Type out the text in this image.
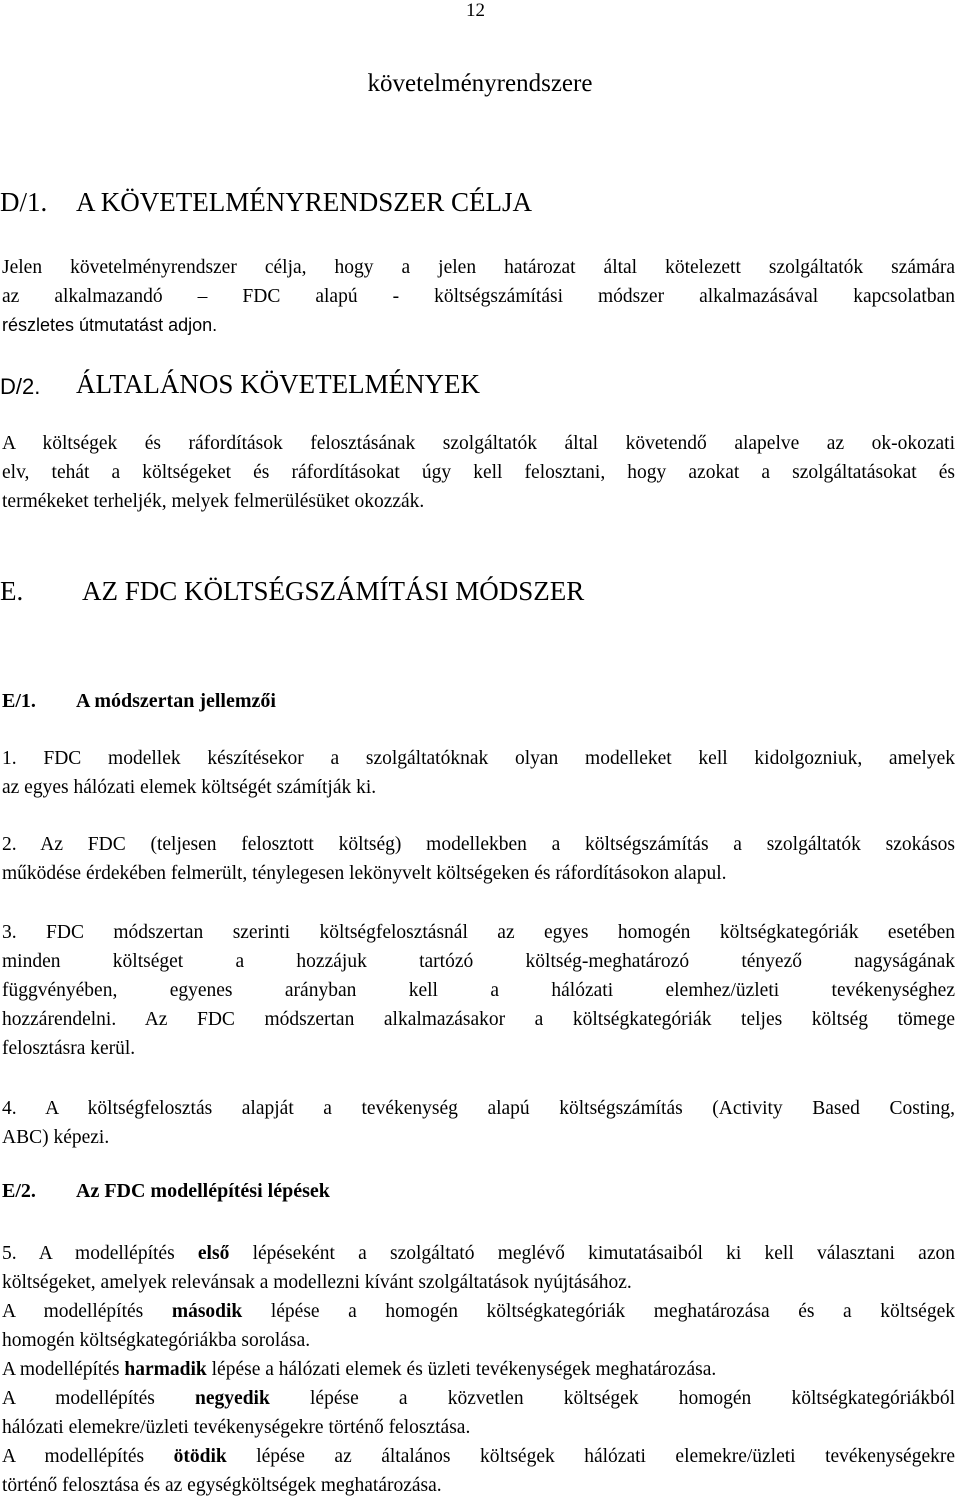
12
követelményrendszere
D/1. A KÖVETELMÉNYRENDSZER CÉLJA
Jelen követelményrendszer célja, hogy a jelen határozat által kötelezett szolgáltatók számára
az alkalmazandó – FDC alapú - költségszámítási módszer alkalmazásával kapcsolatban
részletes útmutatást adjon.
D/2. ÁLTALÁNOS KÖVETELMÉNYEK
A költségek és ráfordítások felosztásának szolgáltatók által követendő alapelve az ok-okozati
elv, tehát a költségeket és ráfordításokat úgy kell felosztani, hogy azokat a szolgáltatásokat és
termékeket terheljék, melyek felmerülésüket okozzák.
E. AZ FDC KÖLTSÉGSZÁMÍTÁSI MÓDSZER
E/1. A módszertan jellemzői
1. FDC modellek készítésekor a szolgáltatóknak olyan modelleket kell kidolgozniuk, amelyek
az egyes hálózati elemek költségét számítják ki.
2. Az FDC (teljesen felosztott költség) modellekben a költségszámítás a szolgáltatók szokásos
működése érdekében felmerült, ténylegesen lekönyvelt költségeken és ráfordításokon alapul.
3. FDC módszertan szerinti költségfelosztásnál az egyes homogén költségkategóriák esetében
minden költséget a hozzájuk tartózó költség-meghatározó tényező nagyságának
függvényében, egyenes arányban kell a hálózati elemhez/üzleti tevékenységhez
hozzárendelni. Az FDC módszertan alkalmazásakor a költségkategóriák teljes költség tömege
felosztásra kerül.
4. A költségfelosztás alapját a tevékenység alapú költségszámítás (Activity Based Costing,
ABC) képezi.
E/2. Az FDC modellépítési lépések
5. A modellépítés első lépéseként a szolgáltató meglévő kimutatásaiból ki kell választani azon
költségeket, amelyek relevánsak a modellezni kívánt szolgáltatások nyújtásához.
A modellépítés második lépése a homogén költségkategóriák meghatározása és a költségek
homogén költségkategóriákba sorolása.
A modellépítés harmadik lépése a hálózati elemek és üzleti tevékenységek meghatározása.
A modellépítés negyedik lépése a közvetlen költségek homogén költségkategóriákból
hálózati elemekre/üzleti tevékenységekre történő felosztása.
A modellépítés ötödik lépése az általános költségek hálózati elemekre/üzleti tevékenységekre
történő felosztása és az egységköltségek meghatározása.
